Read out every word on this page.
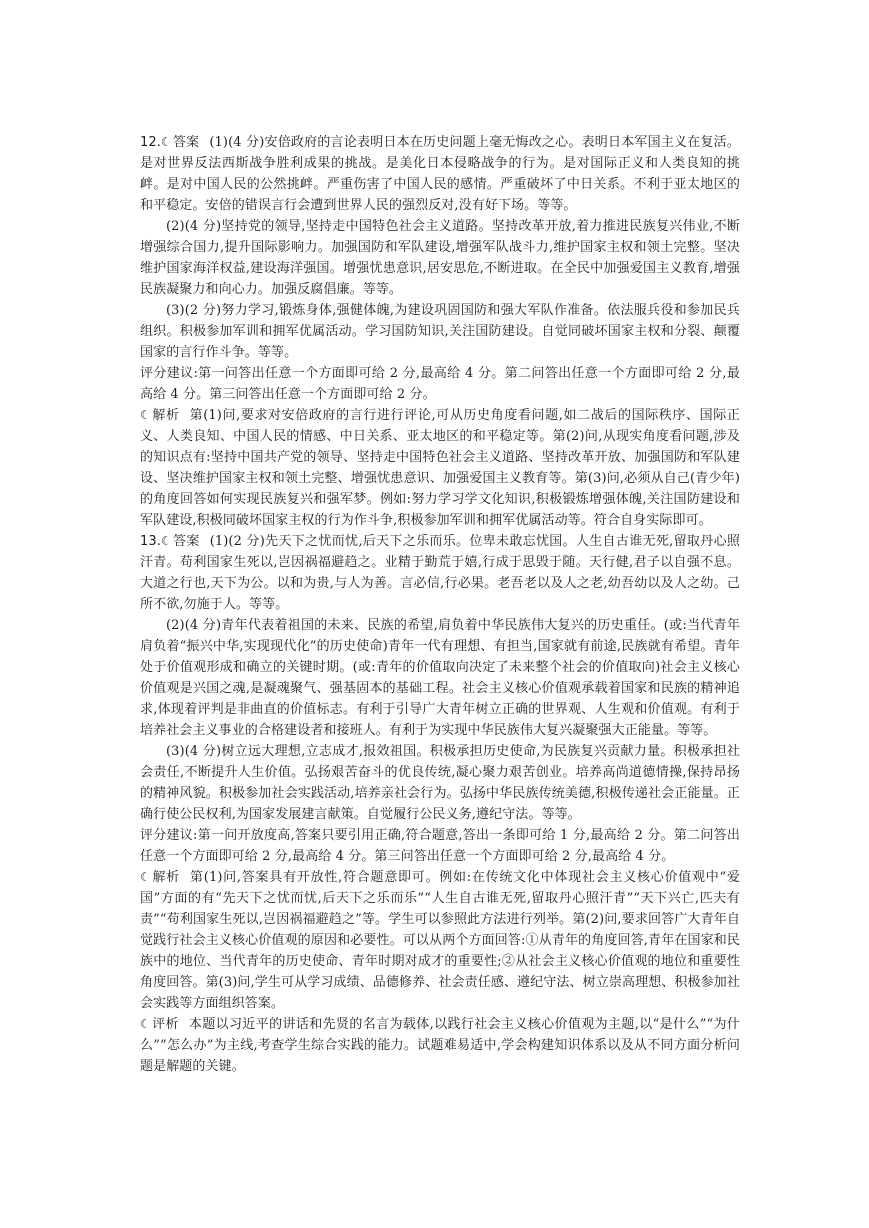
12.☾答案 (1)(4 分)安倍政府的言论表明日本在历史问题上毫无悔改之心。表明日本军国主义在复活。是对世界反法西斯战争胜利成果的挑战。是美化日本侵略战争的行为。是对国际正义和人类良知的挑衅。是对中国人民的公然挑衅。严重伤害了中国人民的感情。严重破坏了中日关系。不利于亚太地区的和平稳定。安倍的错误言行会遭到世界人民的强烈反对,没有好下场。等等。

(2)(4 分)坚持党的领导,坚持走中国特色社会主义道路。坚持改革开放,着力推进民族复兴伟业,不断增强综合国力,提升国际影响力。加强国防和军队建设,增强军队战斗力,维护国家主权和领土完整。坚决维护国家海洋权益,建设海洋强国。增强忧患意识,居安思危,不断进取。在全民中加强爱国主义教育,增强民族凝聚力和向心力。加强反腐倡廉。等等。

(3)(2 分)努力学习,锻炼身体,强健体魄,为建设巩固国防和强大军队作准备。依法服兵役和参加民兵组织。积极参加军训和拥军优属活动。学习国防知识,关注国防建设。自觉同破坏国家主权和分裂、颠覆国家的言行作斗争。等等。

评分建议:第一问答出任意一个方面即可给 2 分,最高给 4 分。第二问答出任意一个方面即可给 2 分,最高给 4 分。第三问答出任意一个方面即可给 2 分。

☾解析 第(1)问,要求对安倍政府的言行进行评论,可从历史角度看问题,如二战后的国际秩序、国际正义、人类良知、中国人民的情感、中日关系、亚太地区的和平稳定等。第(2)问,从现实角度看问题,涉及的知识点有:坚持中国共产党的领导、坚持走中国特色社会主义道路、坚持改革开放、加强国防和军队建设、坚决维护国家主权和领土完整、增强忧患意识、加强爱国主义教育等。第(3)问,必须从自己(青少年)的角度回答如何实现民族复兴和强军梦。例如:努力学习学文化知识,积极锻炼增强体魄,关注国防建设和军队建设,积极同破坏国家主权的行为作斗争,积极参加军训和拥军优属活动等。符合自身实际即可。

13.☾答案 (1)(2 分)先天下之忧而忧,后天下之乐而乐。位卑未敢忘忧国。人生自古谁无死,留取丹心照汗青。苟利国家生死以,岂因祸福避趋之。业精于勤荒于嬉,行成于思毁于随。天行健,君子以自强不息。大道之行也,天下为公。以和为贵,与人为善。言必信,行必果。老吾老以及人之老,幼吾幼以及人之幼。己所不欲,勿施于人。等等。

(2)(4 分)青年代表着祖国的未来、民族的希望,肩负着中华民族伟大复兴的历史重任。(或:当代青年肩负着“振兴中华,实现现代化”的历史使命)青年一代有理想、有担当,国家就有前途,民族就有希望。青年处于价值观形成和确立的关键时期。(或:青年的价值取向决定了未来整个社会的价值取向)社会主义核心价值观是兴国之魂,是凝魂聚气、强基固本的基础工程。社会主义核心价值观承载着国家和民族的精神追求,体现着评判是非曲直的价值标志。有利于引导广大青年树立正确的世界观、人生观和价值观。有利于培养社会主义事业的合格建设者和接班人。有利于为实现中华民族伟大复兴凝聚强大正能量。等等。

(3)(4 分)树立远大理想,立志成才,报效祖国。积极承担历史使命,为民族复兴贡献力量。积极承担社会责任,不断提升人生价值。弘扬艰苦奋斗的优良传统,凝心聚力艰苦创业。培养高尚道德情操,保持昂扬的精神风貌。积极参加社会实践活动,培养亲社会行为。弘扬中华民族传统美德,积极传递社会正能量。正确行使公民权利,为国家发展建言献策。自觉履行公民义务,遵纪守法。等等。

评分建议:第一问开放度高,答案只要引用正确,符合题意,答出一条即可给 1 分,最高给 2 分。第二问答出任意一个方面即可给 2 分,最高给 4 分。第三问答出任意一个方面即可给 2 分,最高给 4 分。

☾解析 第(1)问,答案具有开放性,符合题意即可。例如:在传统文化中体现社会主义核心价值观中“爱国”方面的有“先天下之忧而忧,后天下之乐而乐”“人生自古谁无死,留取丹心照汗青”“天下兴亡,匹夫有责”“苟利国家生死以,岂因祸福避趋之”等。学生可以参照此方法进行列举。第(2)问,要求回答广大青年自觉践行社会主义核心价值观的原因和必要性。可以从两个方面回答:①从青年的角度回答,青年在国家和民族中的地位、当代青年的历史使命、青年时期对成才的重要性;②从社会主义核心价值观的地位和重要性角度回答。第(3)问,学生可从学习成绩、品德修养、社会责任感、遵纪守法、树立崇高理想、积极参加社会实践等方面组织答案。

☾评析 本题以习近平的讲话和先贤的名言为载体,以践行社会主义核心价值观为主题,以“是什么”“为什么”“怎么办”为主线,考查学生综合实践的能力。试题难易适中,学会构建知识体系以及从不同方面分析问题是解题的关键。
